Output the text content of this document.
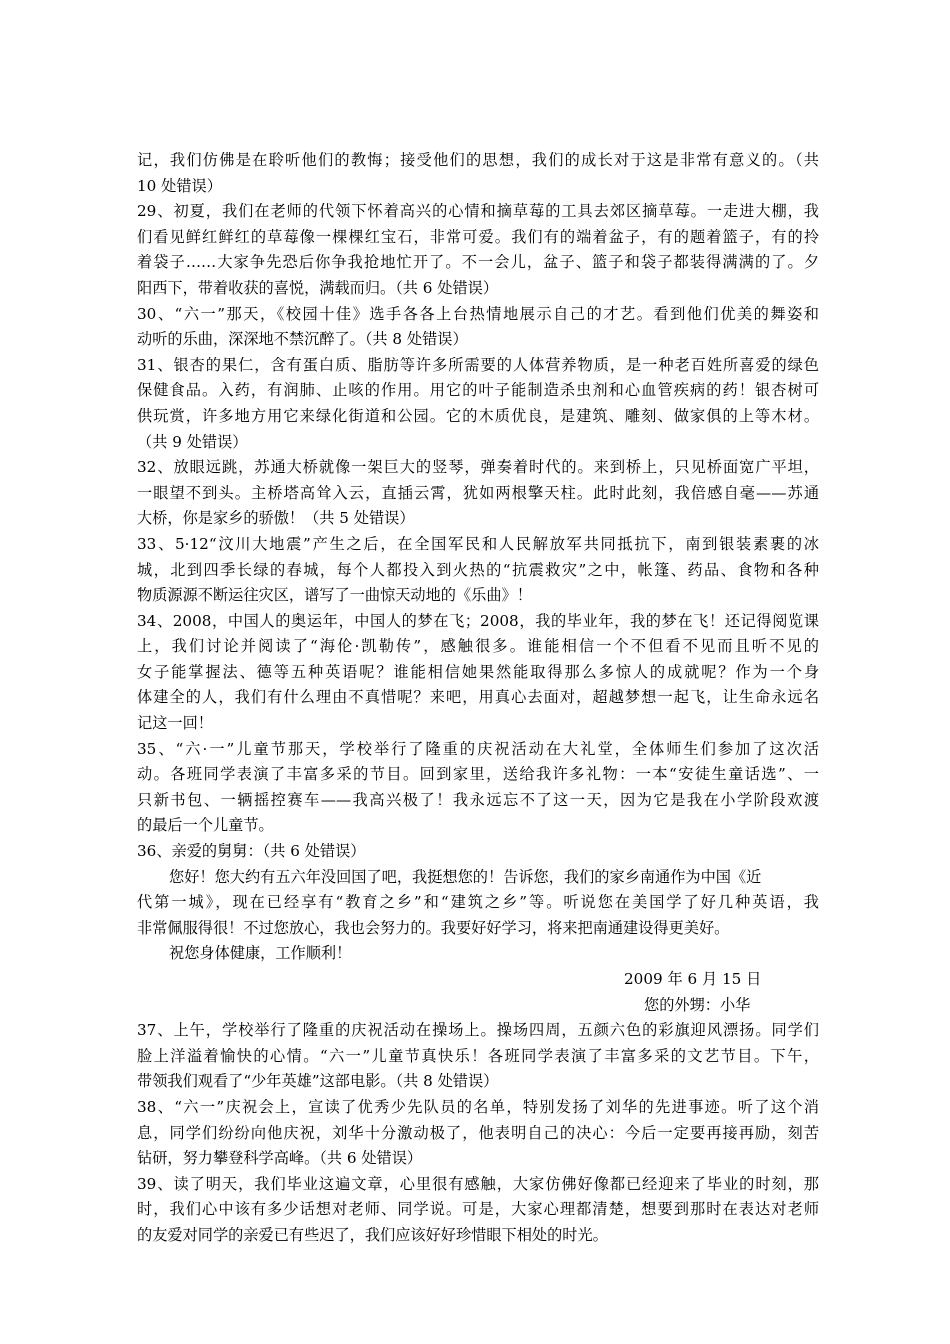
记，我们仿佛是在聆听他们的教悔；接受他们的思想，我们的成长对于这是非常有意义的。（共
10 处错误）
29、初夏，我们在老师的代领下怀着高兴的心情和摘草莓的工具去郊区摘草莓。一走进大棚，我
们看见鲜红鲜红的草莓像一棵棵红宝石，非常可爱。我们有的端着盆子，有的题着篮子，有的拎
着袋子……大家争先恐后你争我抢地忙开了。不一会儿，盆子、篮子和袋子都装得满满的了。夕
阳西下，带着收获的喜悦，满载而归。（共 6 处错误）
30、“六一”那天，《校园十佳》选手各各上台热情地展示自己的才艺。看到他们优美的舞姿和
动听的乐曲，深深地不禁沉醉了。（共 8 处错误）
31、银杏的果仁，含有蛋白质、脂肪等许多所需要的人体营养物质，是一种老百姓所喜爱的绿色
保健食品。入药，有润肺、止咳的作用。用它的叶子能制造杀虫剂和心血管疾病的药！银杏树可
供玩赏，许多地方用它来绿化街道和公园。它的木质优良，是建筑、雕刻、做家俱的上等木材。
（共 9 处错误）
32、放眼远跳，苏通大桥就像一架巨大的竖琴，弹奏着时代的。来到桥上，只见桥面宽广平坦，
一眼望不到头。主桥塔高耸入云，直插云霄，犹如两根擎天柱。此时此刻，我倍感自毫——苏通
大桥，你是家乡的骄傲！（共 5 处错误）
33、5·12“汶川大地震”产生之后，在全国军民和人民解放军共同抵抗下，南到银装素裹的冰
城，北到四季长绿的春城，每个人都投入到火热的“抗震救灾”之中，帐篷、药品、食物和各种
物质源源不断运往灾区，谱写了一曲惊天动地的《乐曲》！
34、2008，中国人的奥运年，中国人的梦在飞；2008，我的毕业年，我的梦在飞！还记得阅览课
上，我们讨论并阅读了“海伦·凯勒传”，感触很多。谁能相信一个不但看不见而且听不见的
女子能掌握法、德等五种英语呢？谁能相信她果然能取得那么多惊人的成就呢？作为一个身
体建全的人，我们有什么理由不真惜呢？来吧，用真心去面对，超越梦想一起飞，让生命永远名
记这一回！
35、“六·一”儿童节那天，学校举行了隆重的庆祝活动在大礼堂，全体师生们参加了这次活
动。各班同学表演了丰富多采的节目。回到家里，送给我许多礼物：一本“安徒生童话选”、一
只新书包、一辆摇控赛车——我高兴极了！我永远忘不了这一天，因为它是我在小学阶段欢渡
的最后一个儿童节。
36、亲爱的舅舅：（共 6 处错误）
您好！您大约有五六年没回国了吧，我挺想您的！告诉您，我们的家乡南通作为中国《近
代第一城》，现在已经享有“教育之乡”和“建筑之乡”等。听说您在美国学了好几种英语，我
非常佩服得很！不过您放心，我也会努力的。我要好好学习，将来把南通建设得更美好。
祝您身体健康，工作顺利！
2009 年 6 月 15 日
您的外甥：小华
37、上午，学校举行了隆重的庆祝活动在操场上。操场四周，五颜六色的彩旗迎风漂扬。同学们
脸上洋溢着愉快的心情。“六一”儿童节真快乐！各班同学表演了丰富多采的文艺节目。下午，
带领我们观看了“少年英雄”这部电影。（共 8 处错误）
38、“六一”庆祝会上，宣读了优秀少先队员的名单，特别发扬了刘华的先进事迹。听了这个消
息，同学们纷纷向他庆祝，刘华十分激动极了，他表明自己的决心：今后一定要再接再励，刻苦
钻研，努力攀登科学高峰。（共 6 处错误）
39、读了明天，我们毕业这遍文章，心里很有感触，大家仿佛好像都已经迎来了毕业的时刻，那
时，我们心中该有多少话想对老师、同学说。可是，大家心理都清楚，想要到那时在表达对老师
的友爱对同学的亲爱已有些迟了，我们应该好好珍惜眼下相处的时光。
